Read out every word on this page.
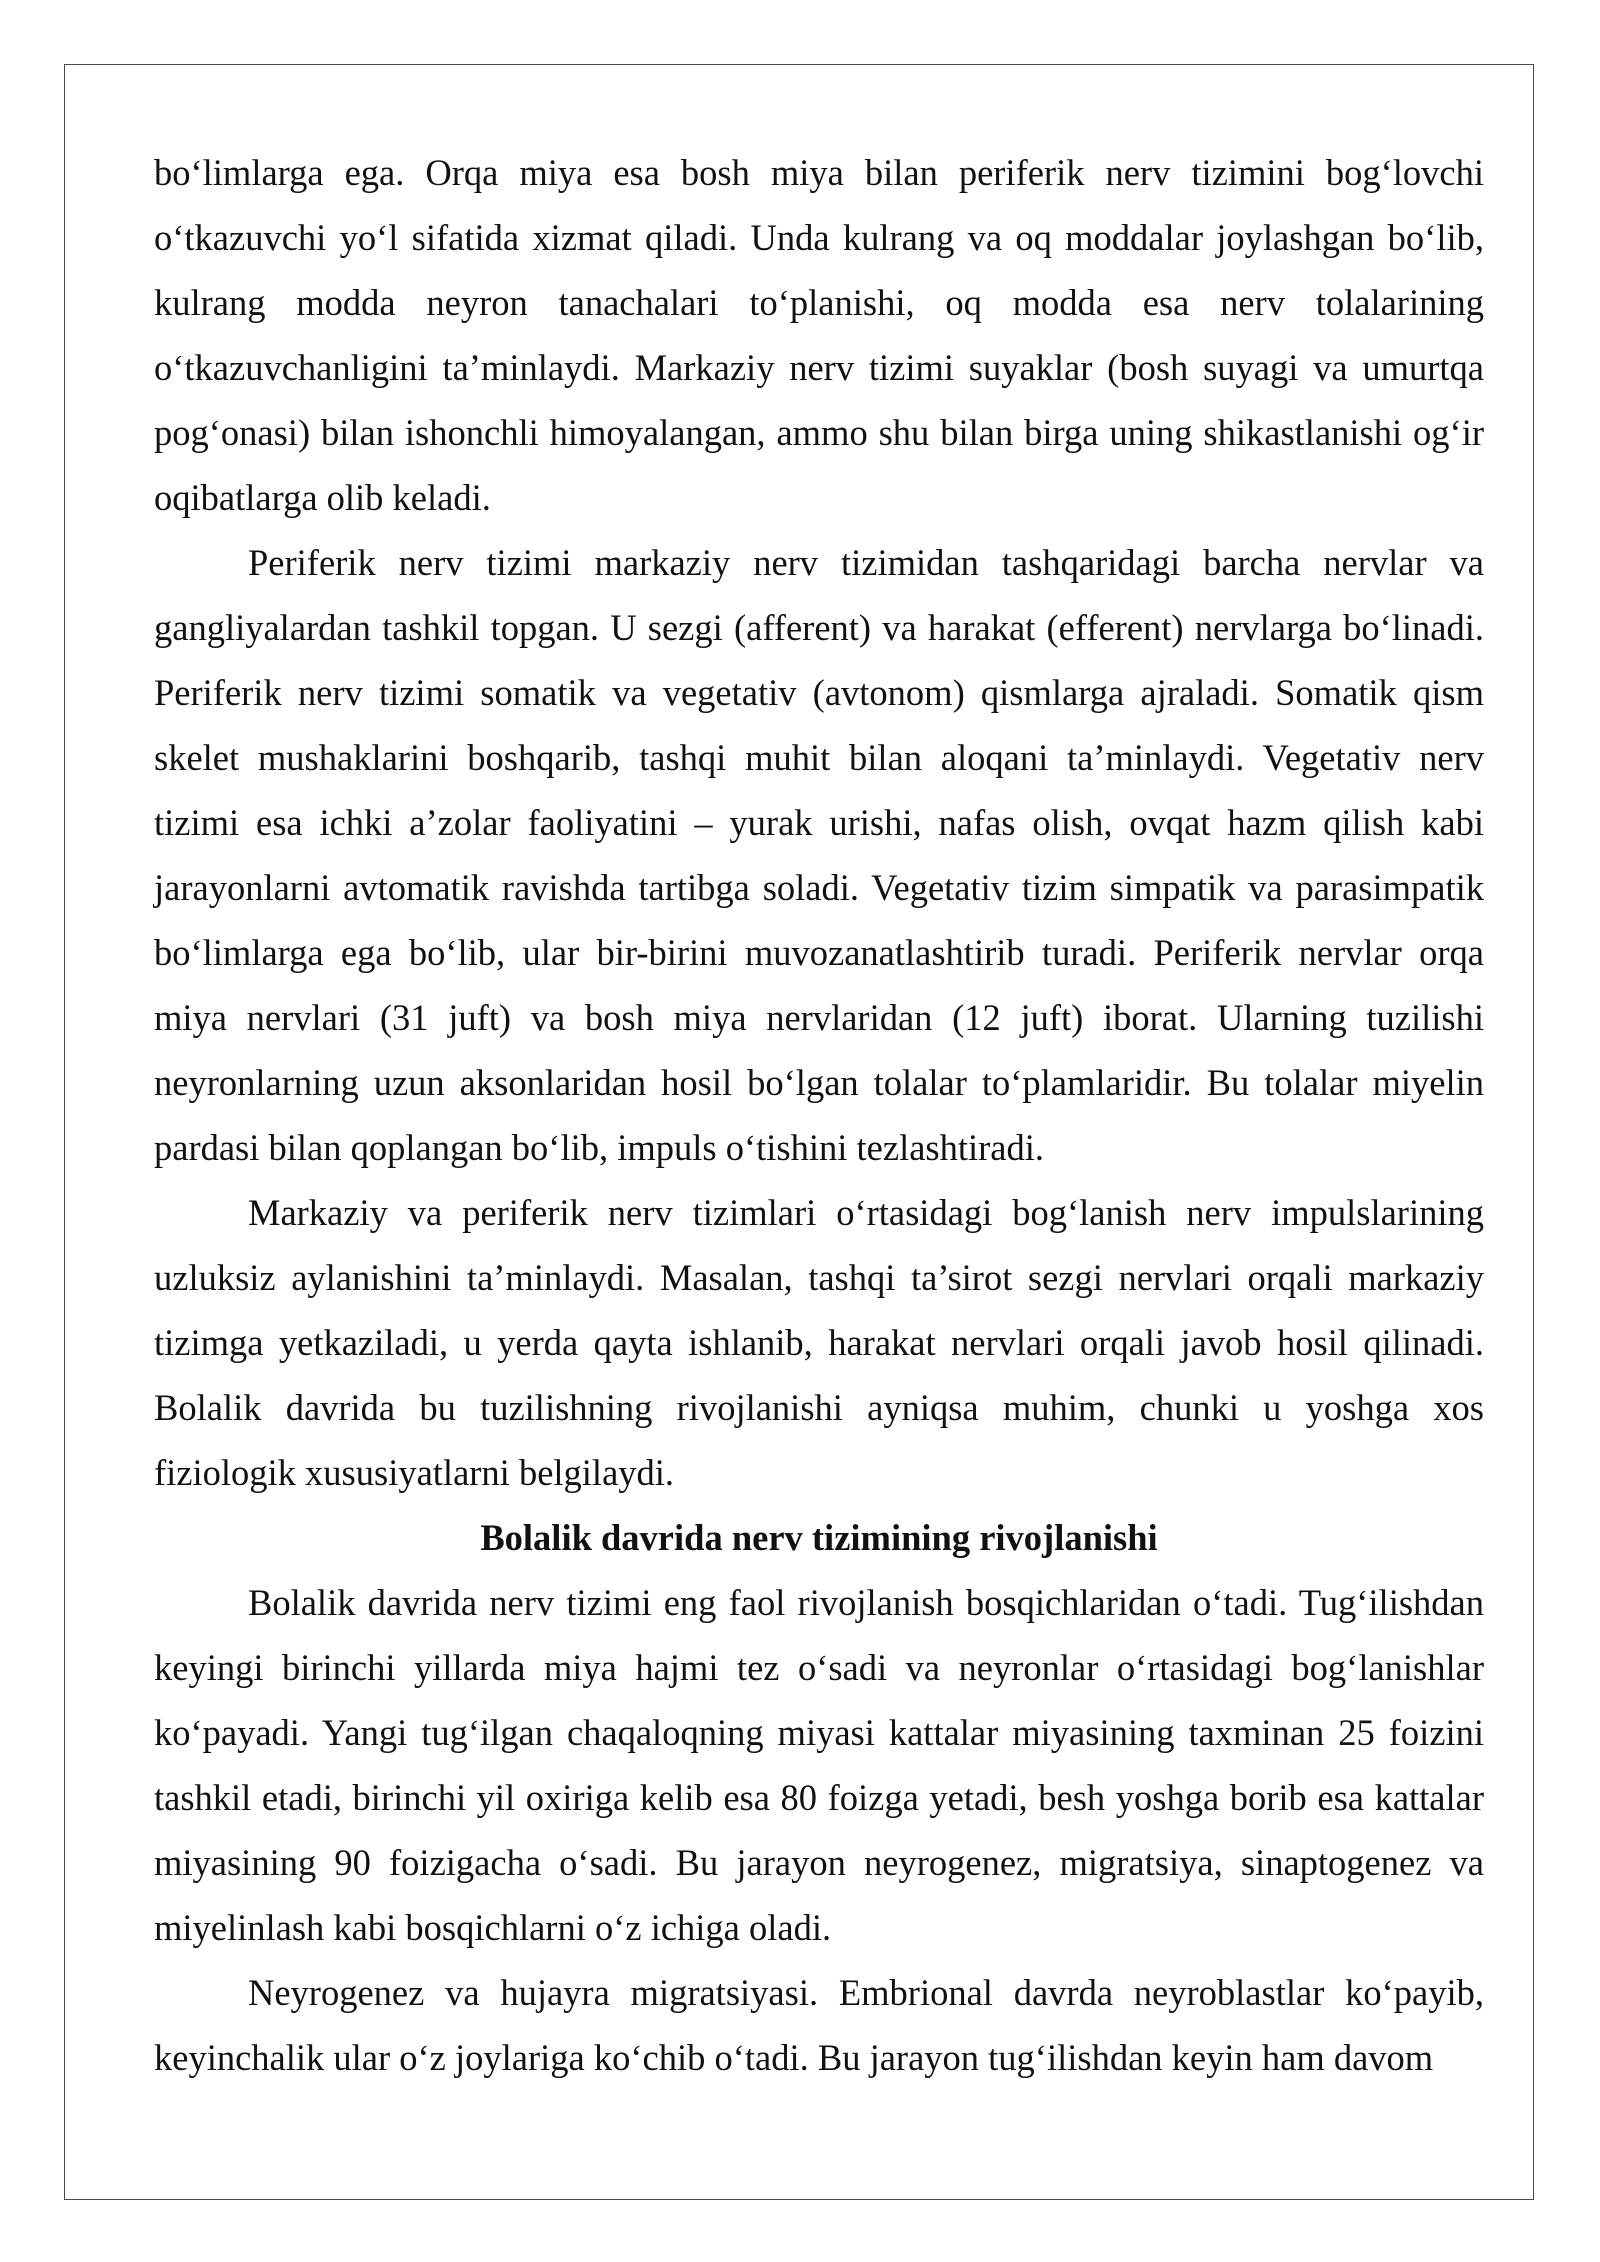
bo‘limlarga ega. Orqa miya esa bosh miya bilan periferik nerv tizimini bog‘lovchi o‘tkazuvchi yo‘l sifatida xizmat qiladi. Unda kulrang va oq moddalar joylashgan bo‘lib, kulrang modda neyron tanachalari to‘planishi, oq modda esa nerv tolalarining o‘tkazuvchanligini ta’minlaydi. Markaziy nerv tizimi suyaklar (bosh suyagi va umurtqa pog‘onasi) bilan ishonchli himoyalangan, ammo shu bilan birga uning shikastlanishi og‘ir oqibatlarga olib keladi.

Periferik nerv tizimi markaziy nerv tizimidan tashqaridagi barcha nervlar va gangliyalardan tashkil topgan. U sezgi (afferent) va harakat (efferent) nervlarga bo‘linadi. Periferik nerv tizimi somatik va vegetativ (avtonom) qismlarga ajraladi. Somatik qism skelet mushaklarini boshqarib, tashqi muhit bilan aloqani ta’minlaydi. Vegetativ nerv tizimi esa ichki a’zolar faoliyatini – yurak urishi, nafas olish, ovqat hazm qilish kabi jarayonlarni avtomatik ravishda tartibga soladi. Vegetativ tizim simpatik va parasimpatik bo‘limlarga ega bo‘lib, ular bir-birini muvozanatlashtirib turadi. Periferik nervlar orqa miya nervlari (31 juft) va bosh miya nervlaridan (12 juft) iborat. Ularning tuzilishi neyronlarning uzun aksonlaridan hosil bo‘lgan tolalar to‘plamlaridir. Bu tolalar miyelin pardasi bilan qoplangan bo‘lib, impuls o‘tishini tezlashtiradi.

Markaziy va periferik nerv tizimlari o‘rtasidagi bog‘lanish nerv impulslarining uzluksiz aylanishini ta’minlaydi. Masalan, tashqi ta’sirot sezgi nervlari orqali markaziy tizimga yetkaziladi, u yerda qayta ishlanib, harakat nervlari orqali javob hosil qilinadi. Bolalik davrida bu tuzilishning rivojlanishi ayniqsa muhim, chunki u yoshga xos fiziologik xususiyatlarni belgilaydi.

Bolalik davrida nerv tizimining rivojlanishi

Bolalik davrida nerv tizimi eng faol rivojlanish bosqichlaridan o‘tadi. Tug‘ilishdan keyingi birinchi yillarda miya hajmi tez o‘sadi va neyronlar o‘rtasidagi bog‘lanishlar ko‘payadi. Yangi tug‘ilgan chaqaloqning miyasi kattalar miyasining taxminan 25 foizini tashkil etadi, birinchi yil oxiriga kelib esa 80 foizga yetadi, besh yoshga borib esa kattalar miyasining 90 foizigacha o‘sadi. Bu jarayon neyrogenez, migratsiya, sinaptogenez va miyelinlash kabi bosqichlarni o‘z ichiga oladi.

Neyrogenez va hujayra migratsiyasi. Embrional davrda neyroblastlar ko‘payib, keyinchalik ular o‘z joylariga ko‘chib o‘tadi. Bu jarayon tug‘ilishdan keyin ham davom
